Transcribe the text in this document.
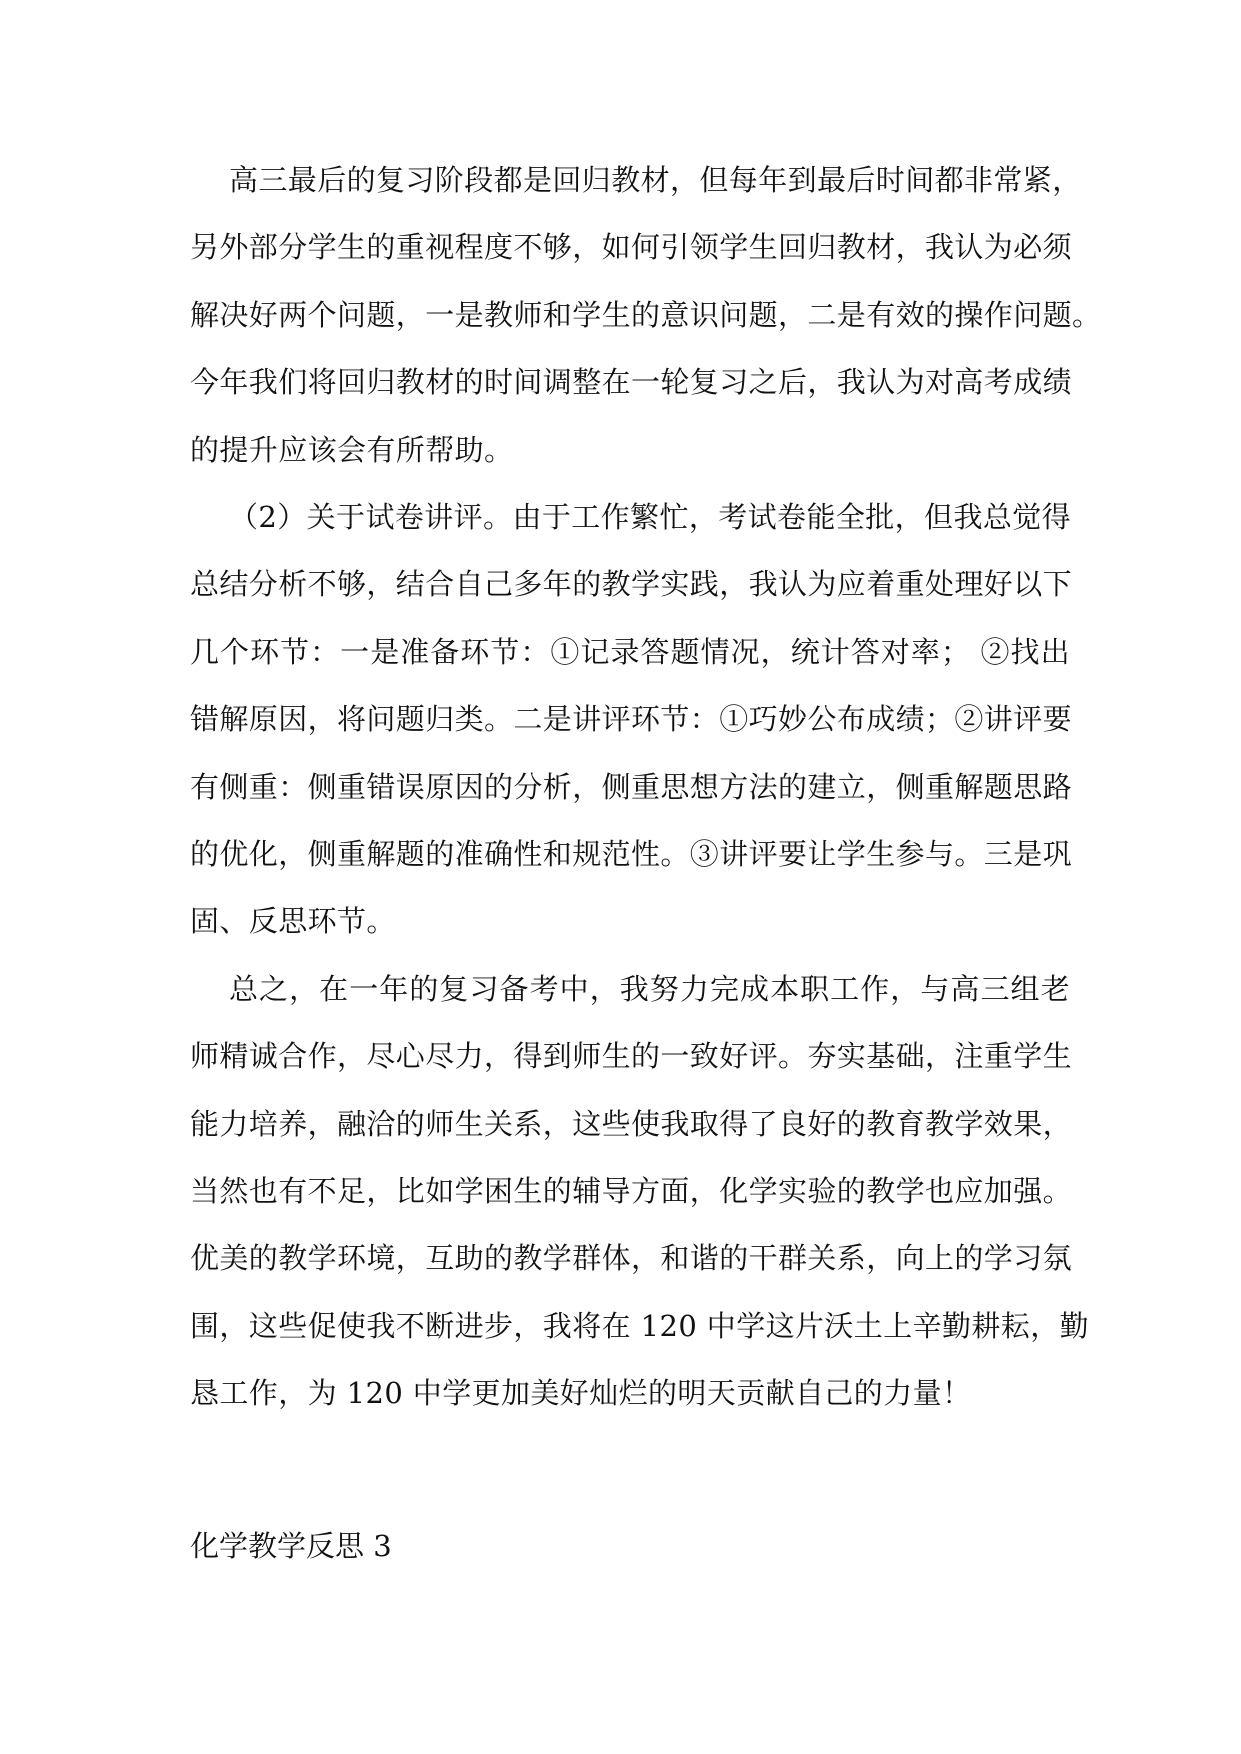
高三最后的复习阶段都是回归教材，但每年到最后时间都非常紧，
另外部分学生的重视程度不够，如何引领学生回归教材，我认为必须
解决好两个问题，一是教师和学生的意识问题，二是有效的操作问题。
今年我们将回归教材的时间调整在一轮复习之后，我认为对高考成绩
的提升应该会有所帮助。
（2）关于试卷讲评。由于工作繁忙，考试卷能全批，但我总觉得
总结分析不够，结合自己多年的教学实践，我认为应着重处理好以下
几个环节：一是准备环节：①记录答题情况，统计答对率； ②找出
错解原因，将问题归类。二是讲评环节：①巧妙公布成绩；②讲评要
有侧重：侧重错误原因的分析，侧重思想方法的建立，侧重解题思路
的优化，侧重解题的准确性和规范性。③讲评要让学生参与。三是巩
固、反思环节。
总之，在一年的复习备考中，我努力完成本职工作，与高三组老
师精诚合作，尽心尽力，得到师生的一致好评。夯实基础，注重学生
能力培养，融洽的师生关系，这些使我取得了良好的教育教学效果，
当然也有不足，比如学困生的辅导方面，化学实验的教学也应加强。
优美的教学环境，互助的教学群体，和谐的干群关系，向上的学习氛
围，这些促使我不断进步，我将在 120 中学这片沃土上辛勤耕耘，勤
恳工作，为 120 中学更加美好灿烂的明天贡献自己的力量！
化学教学反思 3
